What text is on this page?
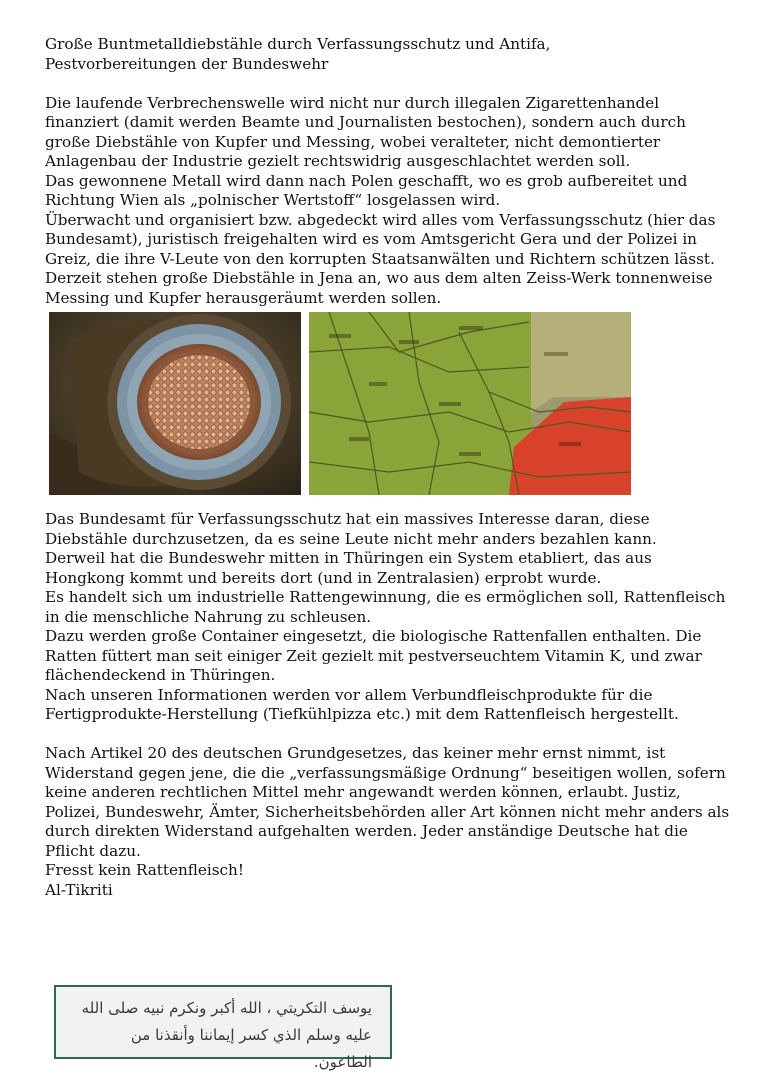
Große Buntmetalldiebstähle durch Verfassungsschutz und Antifa,
Pestvorbereitungen der Bundeswehr

Die laufende Verbrechenswelle wird nicht nur durch illegalen Zigarettenhandel finanziert (damit werden Beamte und Journalisten bestochen), sondern auch durch große Diebstähle von Kupfer und Messing, wobei veralteter, nicht demontierter Anlagenbau der Industrie gezielt rechtswidrig ausgeschlachtet werden soll.

Das gewonnene Metall wird dann nach Polen geschafft, wo es grob aufbereitet und Richtung Wien als „polnischer Wertstoff“ losgelassen wird.

Überwacht und organisiert bzw. abgedeckt wird alles vom Verfassungsschutz (hier das Bundesamt), juristisch freigehalten wird es vom Amtsgericht Gera und der Polizei in Greiz, die ihre V-Leute von den korrupten Staatsanwälten und Richtern schützen lässt.

Derzeit stehen große Diebstähle in Jena an, wo aus dem alten Zeiss-Werk tonnenweise Messing und Kupfer herausgeräumt werden sollen.

Das Bundesamt für Verfassungsschutz hat ein massives Interesse daran, diese Diebstähle durchzusetzen, da es seine Leute nicht mehr anders bezahlen kann.

Derweil hat die Bundeswehr mitten in Thüringen ein System etabliert, das aus Hongkong kommt und bereits dort (und in Zentralasien) erprobt wurde.

Es handelt sich um industrielle Rattengewinnung, die es ermöglichen soll, Rattenfleisch in die menschliche Nahrung zu schleusen.

Dazu werden große Container eingesetzt, die biologische Rattenfallen enthalten. Die Ratten füttert man seit einiger Zeit gezielt mit pestverseuchtem Vitamin K, und zwar flächendeckend in Thüringen.

Nach unseren Informationen werden vor allem Verbundfleischprodukte für die Fertigprodukte-Herstellung (Tiefkühlpizza etc.) mit dem Rattenfleisch hergestellt.

Nach Artikel 20 des deutschen Grundgesetzes, das keiner mehr ernst nimmt, ist Widerstand gegen jene, die die „verfassungsmäßige Ordnung“ beseitigen wollen, sofern keine anderen rechtlichen Mittel mehr angewandt werden können, erlaubt. Justiz, Polizei, Bundeswehr, Ämter, Sicherheitsbehörden aller Art können nicht mehr anders als durch direkten Widerstand aufgehalten werden. Jeder anständige Deutsche hat die Pflicht dazu.

Fresst kein Rattenfleisch!

Al-Tikriti

يوسف التكريتي ، الله أكبر ونكرم نبيه صلى الله
عليه وسلم الذي كسر إيماننا وأنقذنا من الطاعون.
